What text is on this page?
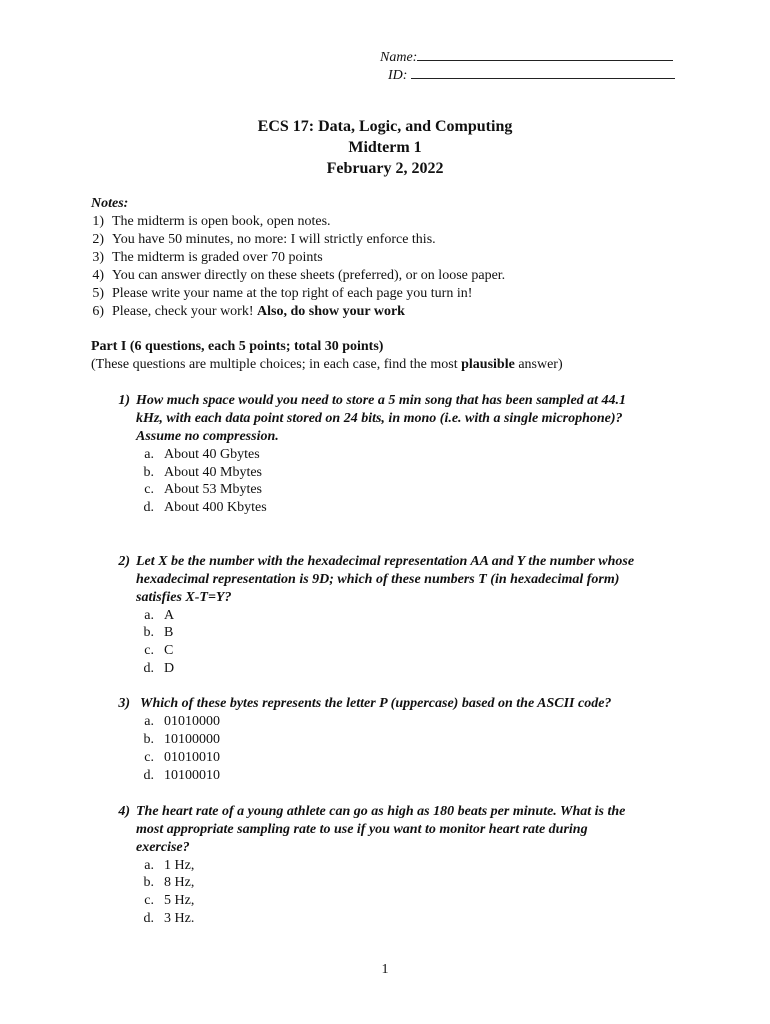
Name:
ID:
ECS 17: Data, Logic, and Computing
Midterm 1
February 2, 2022
Notes:
1) The midterm is open book, open notes.
2) You have 50 minutes, no more: I will strictly enforce this.
3) The midterm is graded over 70 points
4) You can answer directly on these sheets (preferred), or on loose paper.
5) Please write your name at the top right of each page you turn in!
6) Please, check your work! Also, do show your work
Part I (6 questions, each 5 points; total 30 points)
(These questions are multiple choices; in each case, find the most plausible answer)
1) How much space would you need to store a 5 min song that has been sampled at 44.1
kHz, with each data point stored on 24 bits, in mono (i.e. with a single microphone)?
Assume no compression.
a. About 40 Gbytes
b. About 40 Mbytes
c. About 53 Mbytes
d. About 400 Kbytes
2) Let X be the number with the hexadecimal representation AA and Y the number whose
hexadecimal representation is 9D; which of these numbers T (in hexadecimal form)
satisfies X-T=Y?
a. A
b. B
c. C
d. D
3) Which of these bytes represents the letter P (uppercase) based on the ASCII code?
a. 01010000
b. 10100000
c. 01010010
d. 10100010
4) The heart rate of a young athlete can go as high as 180 beats per minute. What is the
most appropriate sampling rate to use if you want to monitor heart rate during
exercise?
a. 1 Hz,
b. 8 Hz,
c. 5 Hz,
d. 3 Hz.
1
